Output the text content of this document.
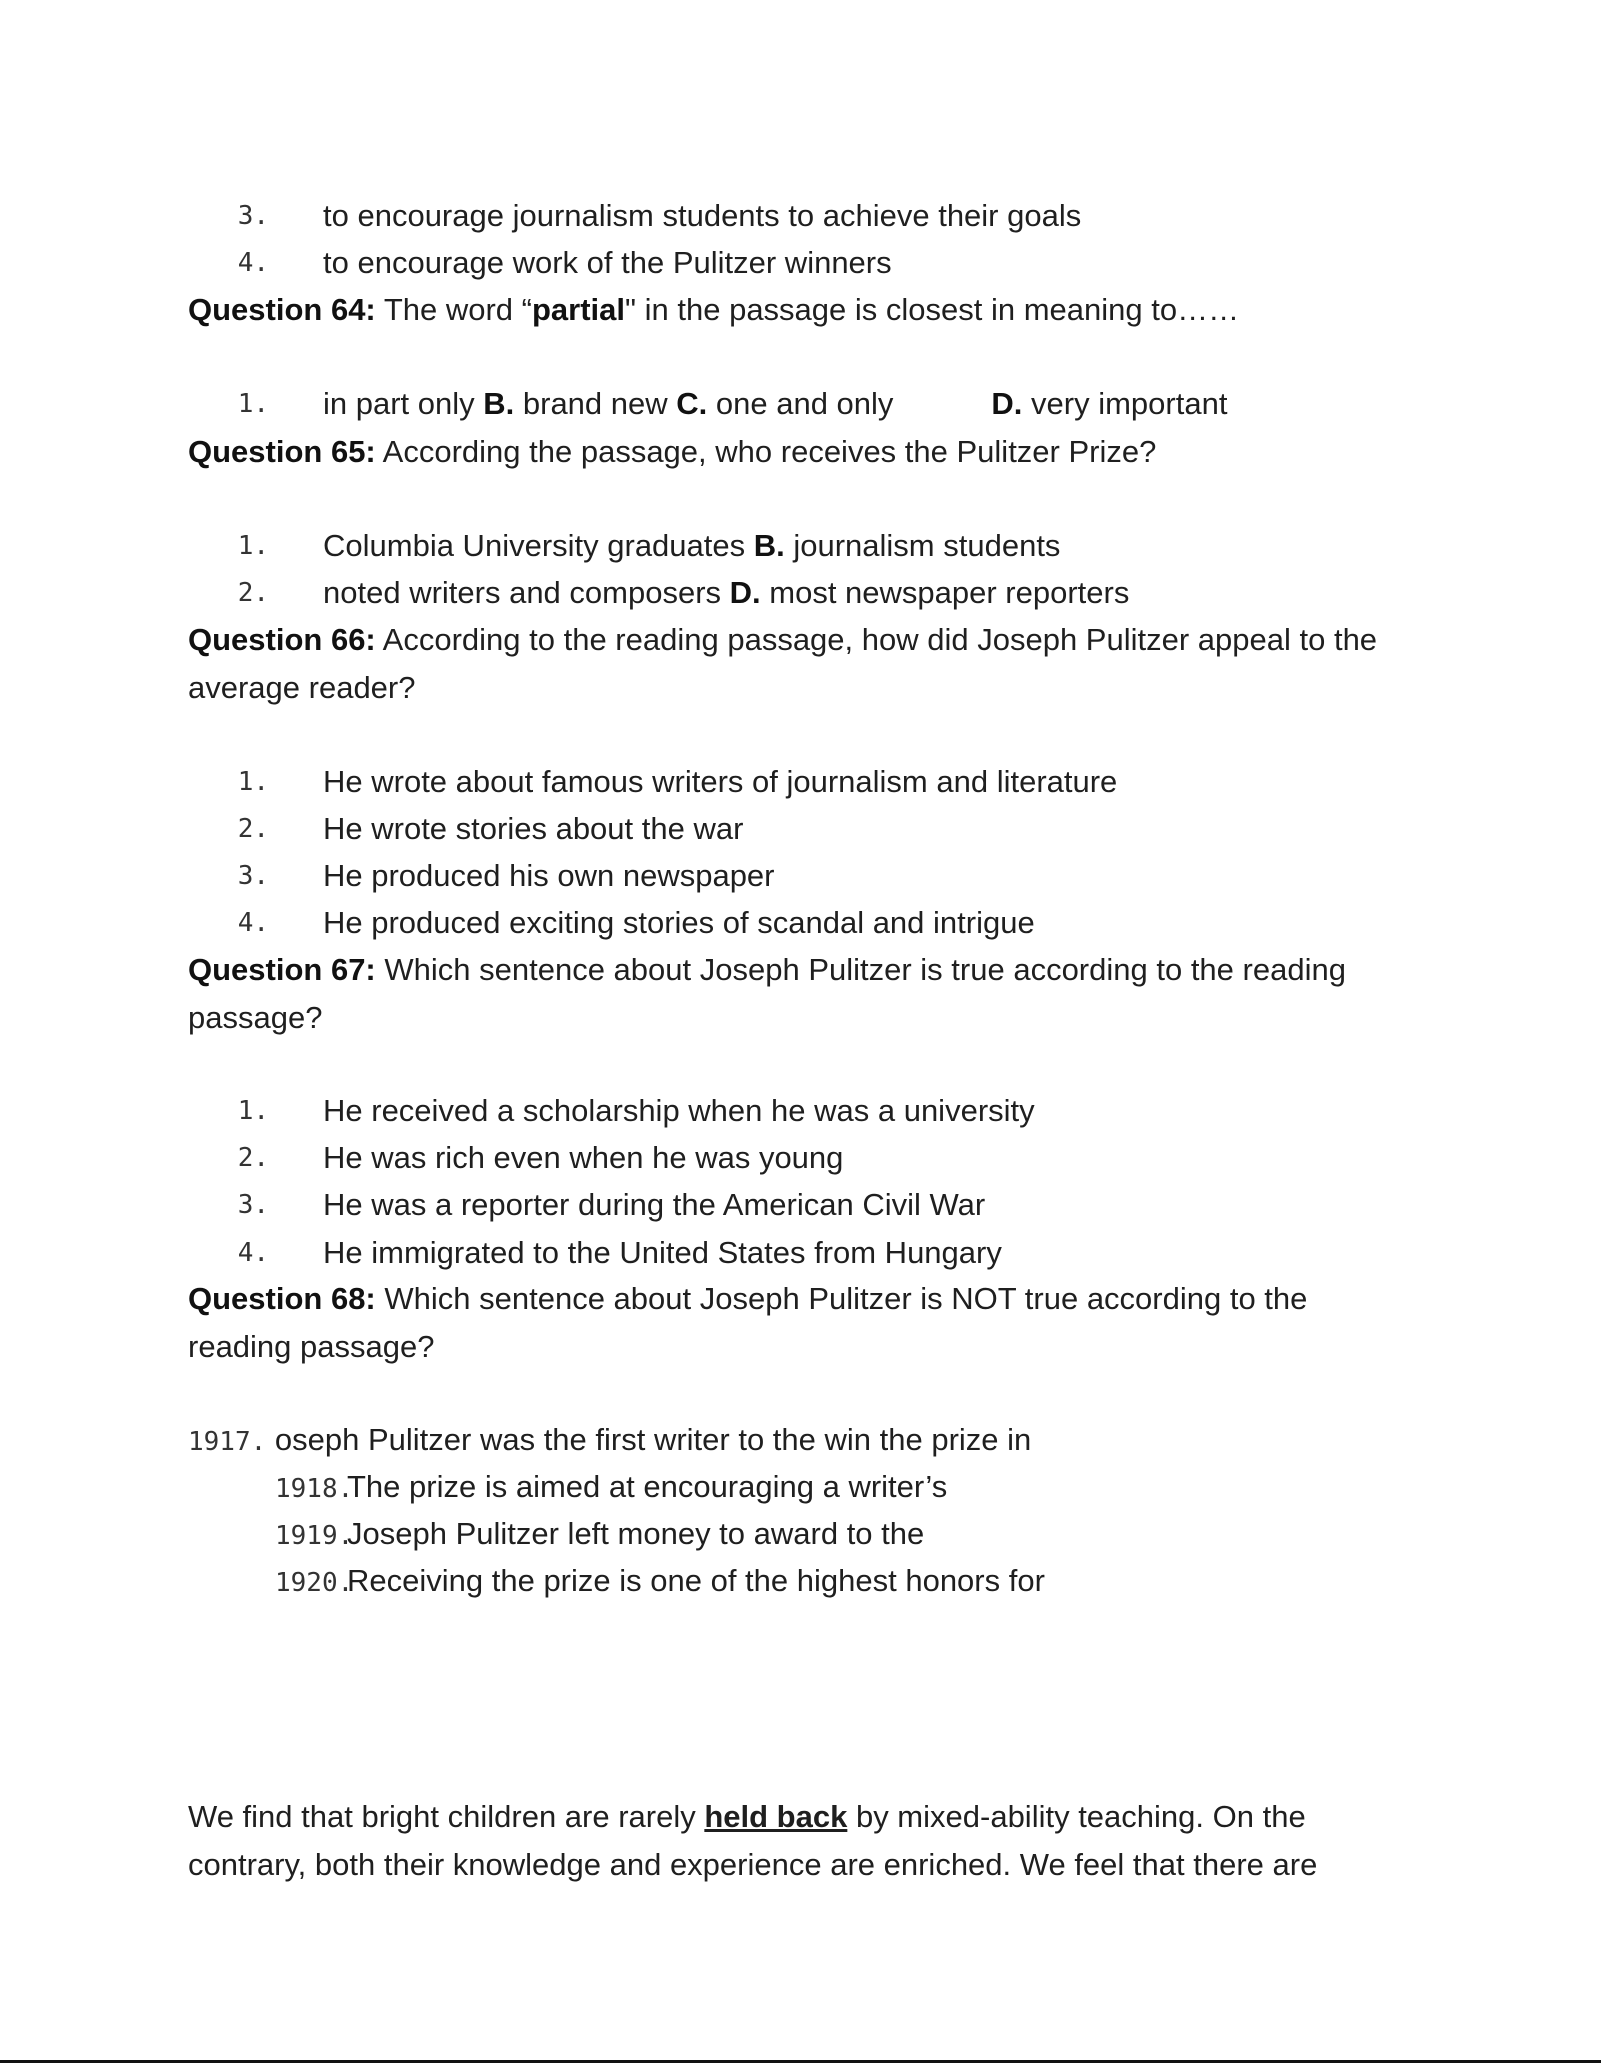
3. to encourage journalism students to achieve their goals
4. to encourage work of the Pulitzer winners
Question 64: The word “partial" in the passage is closest in meaning to……
1. in part only B. brand new C. one and only	D. very important
Question 65: According the passage, who receives the Pulitzer Prize?
1. Columbia University graduates B. journalism students
2. noted writers and composers D. most newspaper reporters
Question 66: According to the reading passage, how did Joseph Pulitzer appeal to the
average reader?
1. He wrote about famous writers of journalism and literature
2. He wrote stories about the war
3. He produced his own newspaper
4. He produced exciting stories of scandal and intrigue
Question 67: Which sentence about Joseph Pulitzer is true according to the reading
passage?
1. He received a scholarship when he was a university
2. He was rich even when he was young
3. He was a reporter during the American Civil War
4. He immigrated to the United States from Hungary
Question 68: Which sentence about Joseph Pulitzer is NOT true according to the
reading passage?
1917. oseph Pulitzer was the first writer to the win the prize in
1918.The prize is aimed at encouraging a writer’s
1919.Joseph Pulitzer left money to award to the
1920.Receiving the prize is one of the highest honors for
We find that bright children are rarely held back by mixed-ability teaching. On the
contrary, both their knowledge and experience are enriched. We feel that there are
